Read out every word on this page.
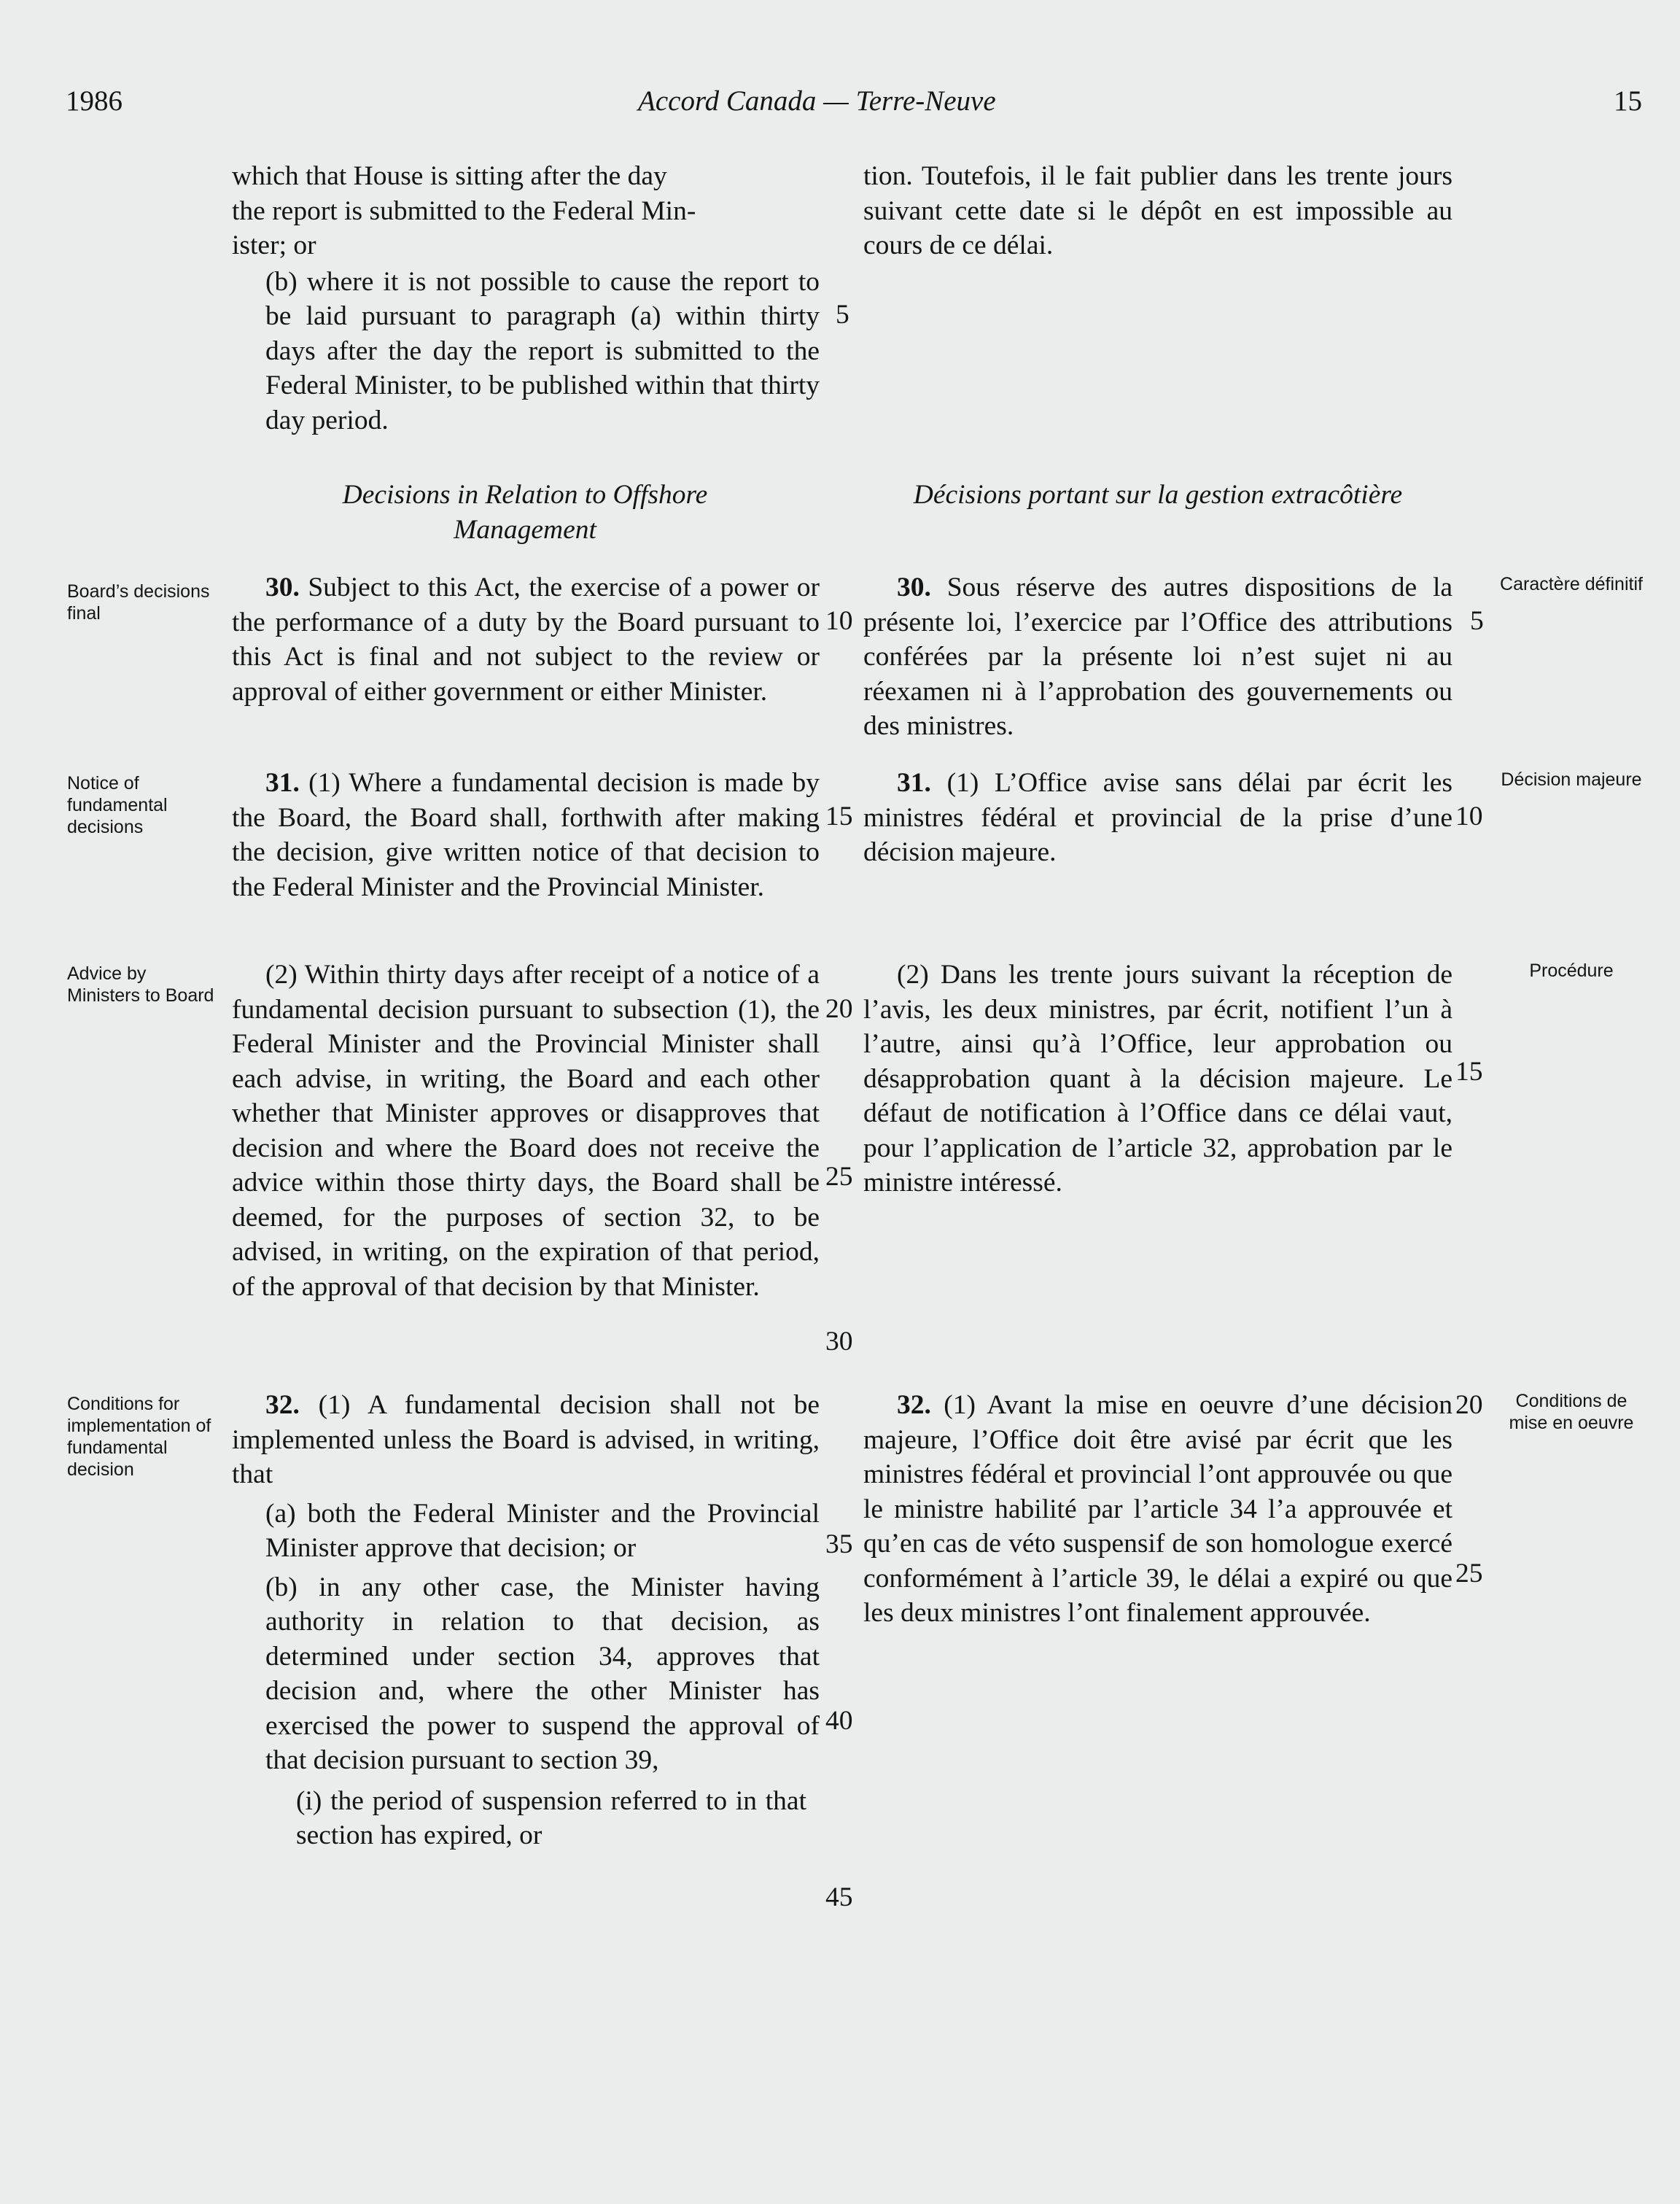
1986	Accord Canada — Terre-Neuve	15

which that House is sitting after the day

the report is submitted to the Federal Min-

ister; or

(b) where it is not possible to cause the report to be laid pursuant to paragraph (a) within thirty days after the day the report is submitted to the Federal Minister, to be published within that thirty day period.

Decisions in Relation to Offshore Management

30. Subject to this Act, the exercise of a power or the performance of a duty by the Board pursuant to this Act is final and not subject to the review or approval of either government or either Minister.

31. (1) Where a fundamental decision is made by the Board, the Board shall, forthwith after making the decision, give written notice of that decision to the Federal Minister and the Provincial Minister.

(2) Within thirty days after receipt of a notice of a fundamental decision pursuant to subsection (1), the Federal Minister and the Provincial Minister shall each advise, in writing, the Board and each other whether that Minister approves or disapproves that decision and where the Board does not receive the advice within those thirty days, the Board shall be deemed, for the purposes of section 32, to be advised, in writing, on the expiration of that period, of the approval of that decision by that Minister.

32. (1) A fundamental decision shall not be implemented unless the Board is advised, in writing, that

(a) both the Federal Minister and the Provincial Minister approve that decision; or

(b) in any other case, the Minister having authority in relation to that decision, as determined under section 34, approves that decision and, where the other Minister has exercised the power to suspend the approval of that decision pursuant to section 39,

(i) the period of suspension referred to in that section has expired, or

5
10
15
20
25
30
35
40
45
Board’s decisions final
Notice of fundamental decisions
Advice by Ministers to Board
Conditions for implementation of fundamental decision

tion. Toutefois, il le fait publier dans les trente jours suivant cette date si le dépôt en est impossible au cours de ce délai.

Décisions portant sur la gestion extracôtière

30. Sous réserve des autres dispositions de la présente loi, l’exercice par l’Office des attributions conférées par la présente loi n’est sujet ni au réexamen ni à l’approbation des gouvernements ou des ministres.

31. (1) L’Office avise sans délai par écrit les ministres fédéral et provincial de la prise d’une décision majeure.

(2) Dans les trente jours suivant la réception de l’avis, les deux ministres, par écrit, notifient l’un à l’autre, ainsi qu’à l’Office, leur approbation ou désapprobation quant à la décision majeure. Le défaut de notification à l’Office dans ce délai vaut, pour l’application de l’article 32, approbation par le ministre intéressé.

32. (1) Avant la mise en oeuvre d’une décision majeure, l’Office doit être avisé par écrit que les ministres fédéral et provincial l’ont approuvée ou que le ministre habilité par l’article 34 l’a approuvée et qu’en cas de véto suspensif de son homologue exercé conformément à l’article 39, le délai a expiré ou que les deux ministres l’ont finalement approuvée.

5
10
15
20
25
Caractère définitif
Décision majeure
Procédure
Conditions de mise en oeuvre
